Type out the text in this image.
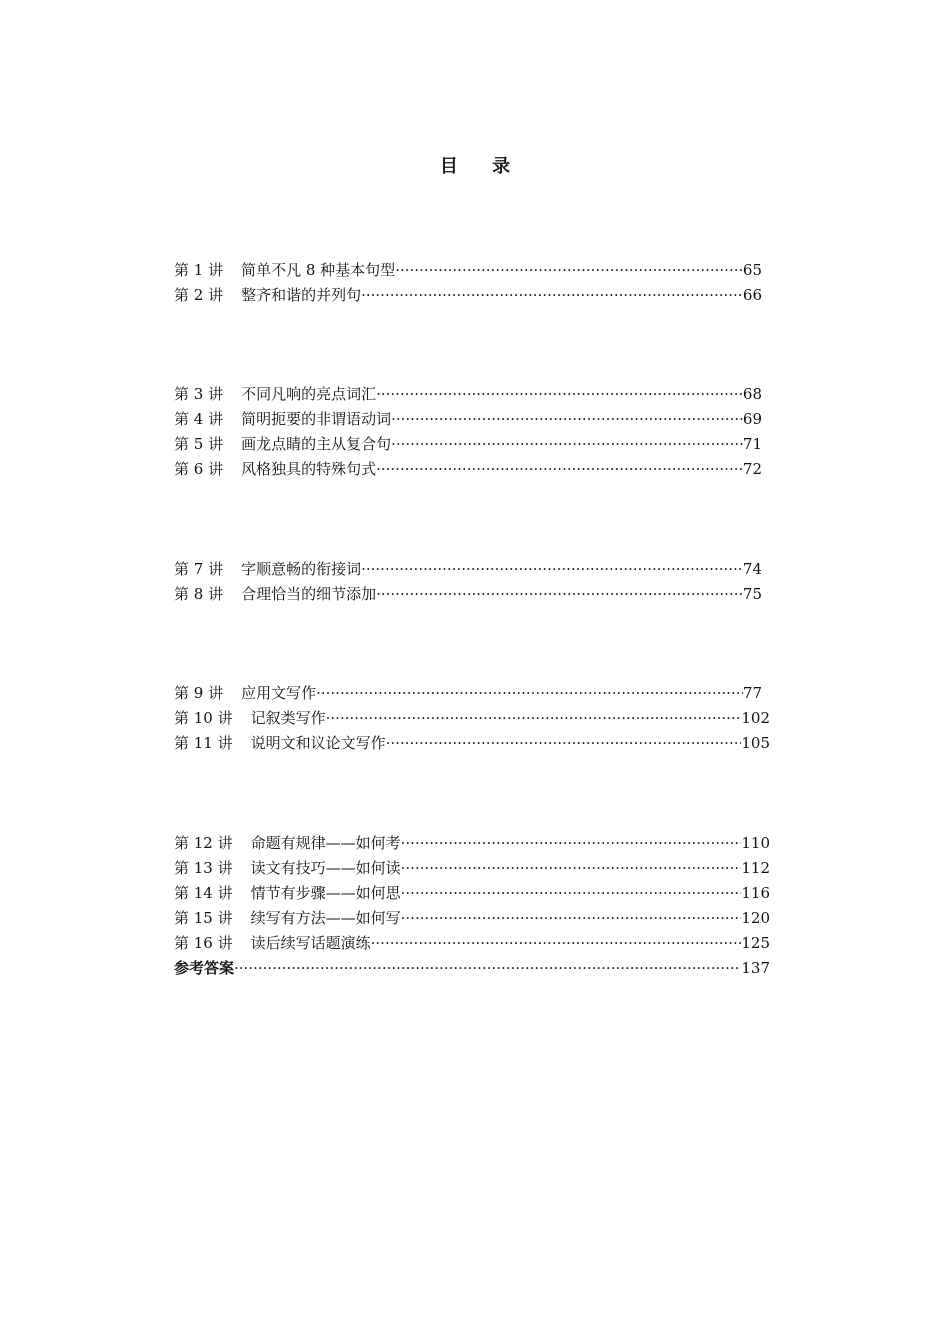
目 录
第 1 讲 简单不凡 8 种基本句型 ·····	65
第 2 讲 整齐和谐的并列句 ·····	66
第 3 讲 不同凡响的亮点词汇 ·····	68
第 4 讲 简明扼要的非谓语动词 ·····	69
第 5 讲 画龙点睛的主从复合句 ·····	71
第 6 讲 风格独具的特殊句式 ·····	72
第 7 讲 字顺意畅的衔接词 ·····	74
第 8 讲 合理恰当的细节添加 ·····	75
第 9 讲 应用文写作 ·····	77
第 10 讲 记叙类写作 ·····	102
第 11 讲 说明文和议论文写作 ·····	105
第 12 讲 命题有规律——如何考 ·····	110
第 13 讲 读文有技巧——如何读 ·····	112
第 14 讲 情节有步骤——如何思 ·····	116
第 15 讲 续写有方法——如何写 ·····	120
第 16 讲 读后续写话题演练 ·····	125
参考答案 ·····	137
